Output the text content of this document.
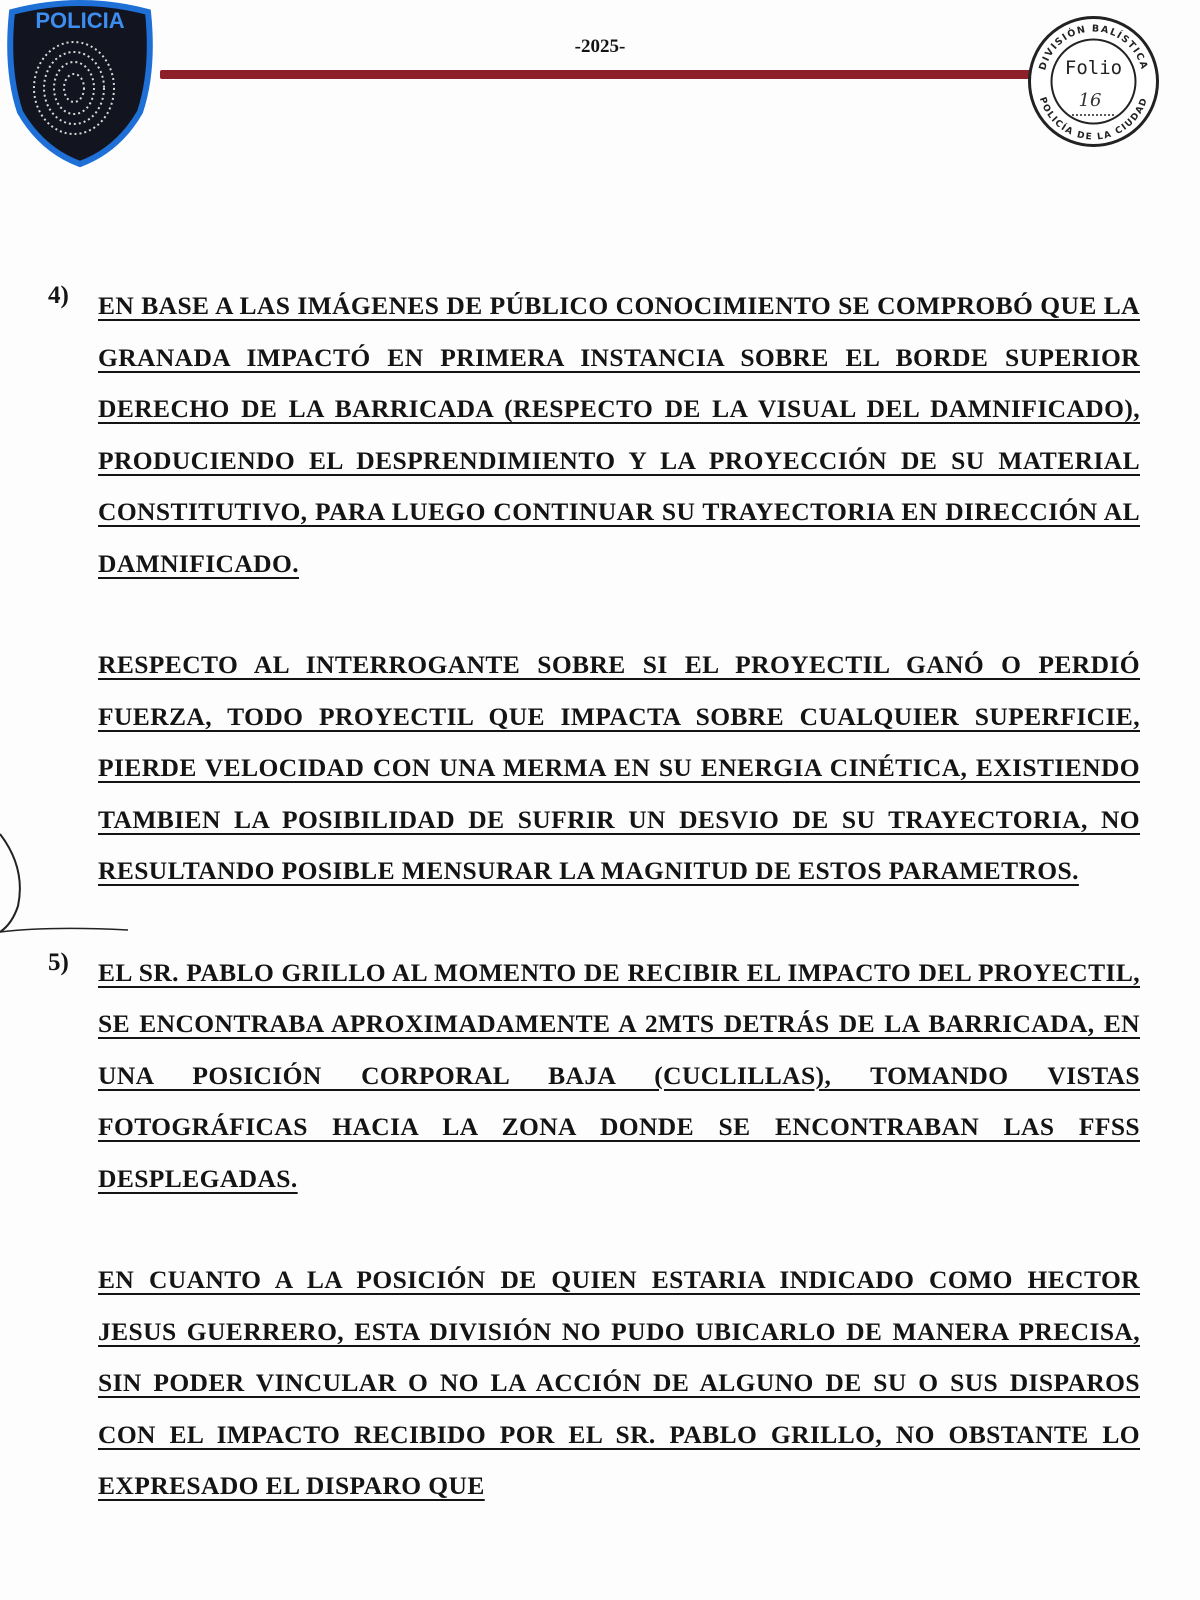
POLICIA
-2025-
DIVISIÓN BALÍSTICA
POLICÍA DE LA CIUDAD
Folio
16
4) EN BASE A LAS IMÁGENES DE PÚBLICO CONOCIMIENTO SE COMPROBÓ QUE LA GRANADA IMPACTÓ EN PRIMERA INSTANCIA SOBRE EL BORDE SUPERIOR DERECHO DE LA BARRICADA (RESPECTO DE LA VISUAL DEL DAMNIFICADO), PRODUCIENDO EL DESPRENDIMIENTO Y LA PROYECCIÓN DE SU MATERIAL CONSTITUTIVO, PARA LUEGO CONTINUAR SU TRAYECTORIA EN DIRECCIÓN AL DAMNIFICADO.

RESPECTO AL INTERROGANTE SOBRE SI EL PROYECTIL GANÓ O PERDIÓ FUERZA, TODO PROYECTIL QUE IMPACTA SOBRE CUALQUIER SUPERFICIE, PIERDE VELOCIDAD CON UNA MERMA EN SU ENERGIA CINÉTICA, EXISTIENDO TAMBIEN LA POSIBILIDAD DE SUFRIR UN DESVIO DE SU TRAYECTORIA, NO RESULTANDO POSIBLE MENSURAR LA MAGNITUD DE ESTOS PARAMETROS.

5) EL SR. PABLO GRILLO AL MOMENTO DE RECIBIR EL IMPACTO DEL PROYECTIL, SE ENCONTRABA APROXIMADAMENTE A 2MTS DETRÁS DE LA BARRICADA, EN UNA POSICIÓN CORPORAL BAJA (CUCLILLAS), TOMANDO VISTAS FOTOGRÁFICAS HACIA LA ZONA DONDE SE ENCONTRABAN LAS FFSS DESPLEGADAS.

EN CUANTO A LA POSICIÓN DE QUIEN ESTARIA INDICADO COMO HECTOR JESUS GUERRERO, ESTA DIVISIÓN NO PUDO UBICARLO DE MANERA PRECISA, SIN PODER VINCULAR O NO LA ACCIÓN DE ALGUNO DE SU O SUS DISPAROS CON EL IMPACTO RECIBIDO POR EL SR. PABLO GRILLO, NO OBSTANTE LO EXPRESADO EL DISPARO QUE
